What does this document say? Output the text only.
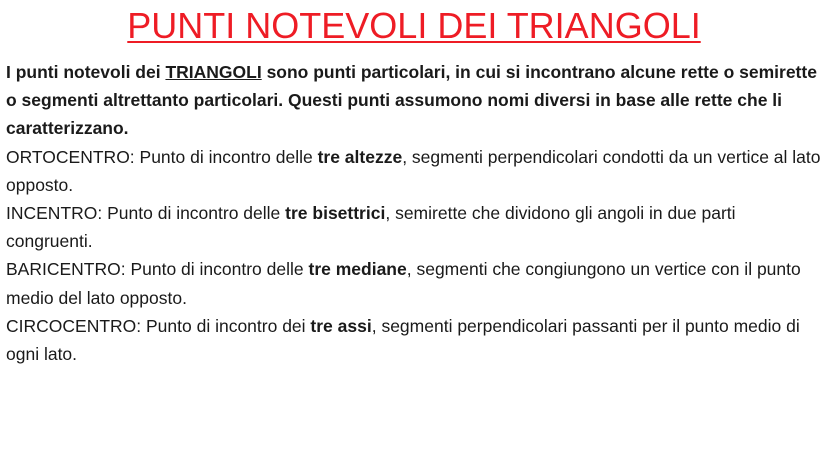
PUNTI NOTEVOLI DEI TRIANGOLI

I punti notevoli dei TRIANGOLI sono punti particolari, in cui si incontrano alcune rette o semirette o segmenti altrettanto particolari. Questi punti assumono nomi diversi in base alle rette che li caratterizzano.

ORTOCENTRO: Punto di incontro delle tre altezze, segmenti perpendicolari condotti da un vertice al lato opposto.

INCENTRO: Punto di incontro delle tre bisettrici, semirette che dividono gli angoli in due parti congruenti.

BARICENTRO: Punto di incontro delle tre mediane, segmenti che congiungono un vertice con il punto medio del lato opposto.

CIRCOCENTRO: Punto di incontro dei tre assi, segmenti perpendicolari passanti per il punto medio di ogni lato.
